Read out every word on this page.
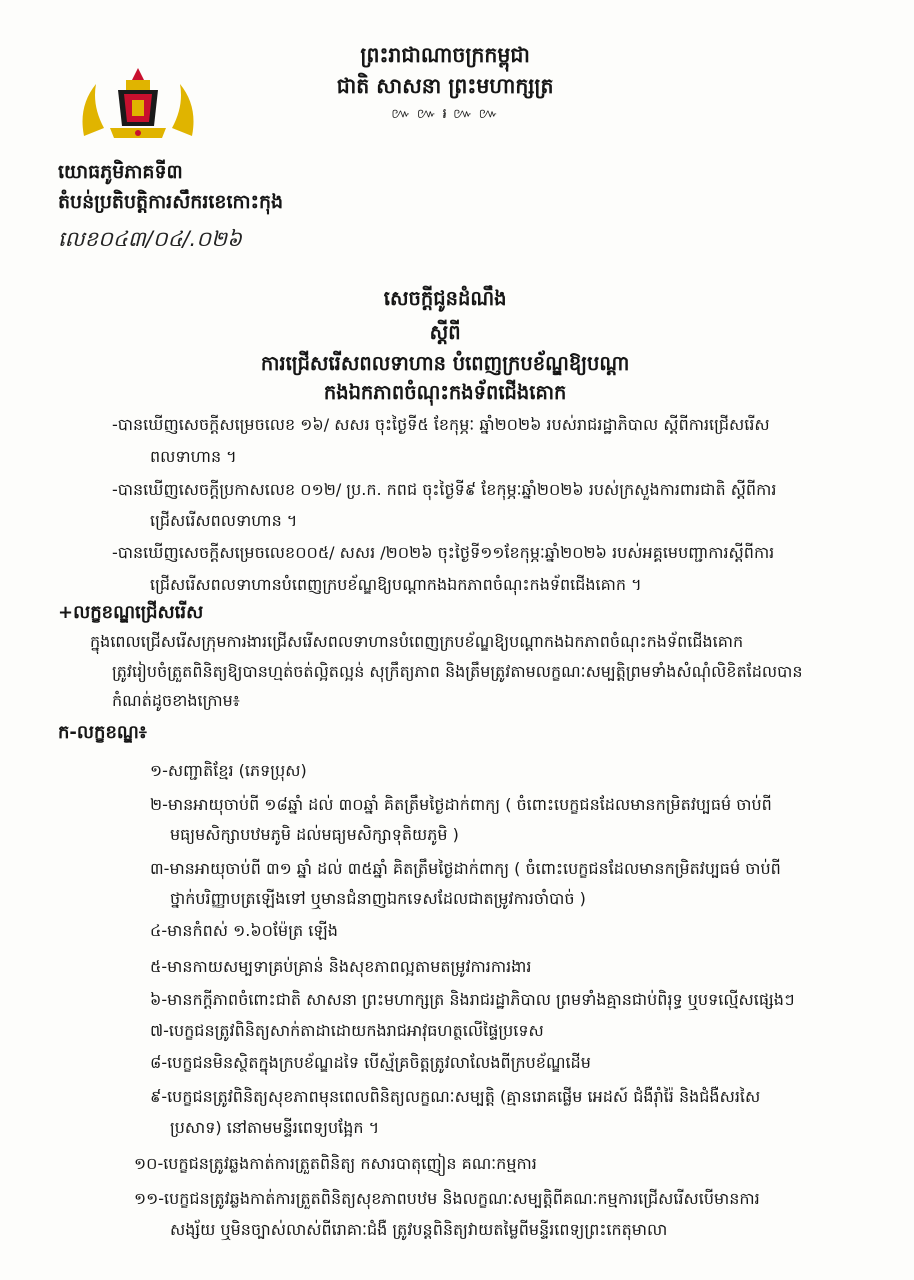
ព្រះរាជាណាចក្រកម្ពុជា
ជាតិ សាសនា ព្រះមហាក្សត្រ
៚ ៚ ៛ ៚ ៚
យោធភូមិភាគទី៣
តំបន់ប្រតិបត្តិការសឹករខេកោះកុង
លេខ០៤៣/០៤/.០២៦
សេចក្តីជូនដំណឹង
ស្តីពី
ការជ្រើសរើសពលទាហាន បំពេញក្របខ័ណ្ឌឱ្យបណ្តា
កងឯកភាពចំណុះកងទ័ពជើងគោក
-បានឃើញសេចក្តីសម្រេចលេខ ១៦/ សសរ ចុះថ្ងៃទី៥ ខែកុម្ភៈ ឆ្នាំ២០២៦ របស់រាជរដ្ឋាភិបាល ស្តីពីការជ្រើសរើស
ពលទាហាន ។
-បានឃើញសេចក្តីប្រកាសលេខ ០១២/ ប្រ.ក. កពជ ចុះថ្ងៃទី៩ ខែកុម្ភៈឆ្នាំ២០២៦ របស់ក្រសួងការពារជាតិ ស្តីពីការ
ជ្រើសរើសពលទាហាន ។
-បានឃើញសេចក្តីសម្រេចលេខ០០៥/ សសរ /២០២៦ ចុះថ្ងៃទី១១ខែកុម្ភៈឆ្នាំ២០២៦ របស់អគ្គមេបញ្ជាការស្តីពីការ
ជ្រើសរើសពលទាហានបំពេញក្របខ័ណ្ឌឱ្យបណ្តាកងឯកភាពចំណុះកងទ័ពជើងគោក ។
+លក្ខខណ្ឌជ្រើសរើស
ក្នុងពេលជ្រើសរើសក្រុមការងារជ្រើសរើសពលទាហានបំពេញក្របខ័ណ្ឌឱ្យបណ្តាកងឯកភាពចំណុះកងទ័ពជើងគោក
ត្រូវរៀបចំត្រួតពិនិត្យឱ្យបានហ្មត់ចត់ល្អិតល្អន់ សុក្រឹត្យភាព និងត្រឹមត្រូវតាមលក្ខណៈសម្បត្តិព្រមទាំងសំណុំលិខិតដែលបាន
កំណត់ដូចខាងក្រោម៖
ក-លក្ខខណ្ឌ៖
១-សញ្ជាតិខ្មែរ (ភេទប្រុស)
២-មានអាយុចាប់ពី ១៨ឆ្នាំ ដល់ ៣០ឆ្នាំ គិតត្រឹមថ្ងៃដាក់ពាក្យ ( ចំពោះបេក្ខជនដែលមានកម្រិតវប្បធម៌ ចាប់ពី
មធ្យមសិក្សាបឋមភូមិ ដល់មធ្យមសិក្សាទុតិយភូមិ )
៣-មានអាយុចាប់ពី ៣១ ឆ្នាំ ដល់ ៣៥ឆ្នាំ គិតត្រឹមថ្ងៃដាក់ពាក្យ ( ចំពោះបេក្ខជនដែលមានកម្រិតវប្បធម៌ ចាប់ពី
ថ្នាក់បរិញ្ញាបត្រឡើងទៅ ឬមានជំនាញឯកទេសដែលជាតម្រូវការចាំបាច់ )
៤-មានកំពស់ ១.៦០ម៉ែត្រ ឡើង
៥-មានកាយសម្បទាគ្រប់គ្រាន់ និងសុខភាពល្អតាមតម្រូវការការងារ
៦-មានកក្តីភាពចំពោះជាតិ សាសនា ព្រះមហាក្សត្រ និងរាជរដ្ឋាភិបាល ព្រមទាំងគ្មានជាប់ពិរុទ្ធ ឬបទល្មើសផ្សេងៗ
៧-បេក្ខជនត្រូវពិនិត្យសាក់តាដាដោយកងរាជអាវុធហត្ថលើផ្ទៃប្រទេស
៨-បេក្ខជនមិនស្ថិតក្នុងក្របខ័ណ្ឌដទៃ បើស្ម័គ្រចិត្តត្រូវលាលែងពីក្របខ័ណ្ឌដើម
៩-បេក្ខជនត្រូវពិនិត្យសុខភាពមុនពេលពិនិត្យលក្ខណៈសម្បត្តិ (គ្មានរោគផ្លើម អេដស៍ ជំងឺរ៉ាំរ៉ៃ និងជំងឺសរសៃ
ប្រសាទ) នៅតាមមន្ទីរពេទ្យបង្អែក ។
១០-បេក្ខជនត្រូវឆ្លងកាត់ការត្រួតពិនិត្យ កសារបាតុញៀន គណៈកម្មការ
១១-បេក្ខជនត្រូវឆ្លងកាត់ការត្រួតពិនិត្យសុខភាពបឋម និងលក្ខណៈសម្បត្តិពីគណៈកម្មការជ្រើសរើសបើមានការ
សង្ស័យ ឬមិនច្បាស់លាស់ពីរោគាៈជំងឺ ត្រូវបន្តពិនិត្យវាយតម្លៃពីមន្ទីរពេទ្យព្រះកេតុមាលា
